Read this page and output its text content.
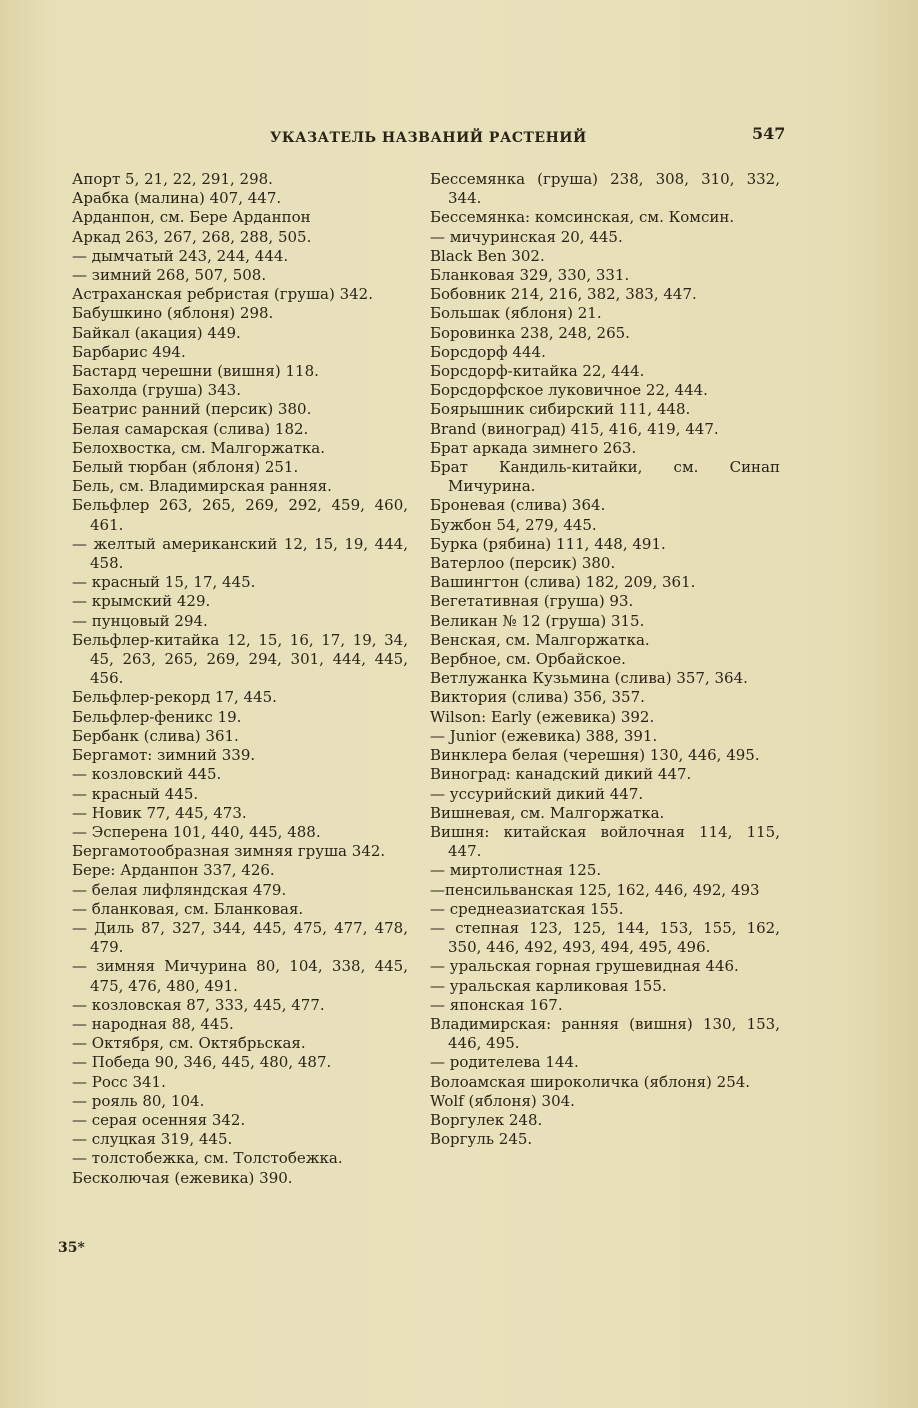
УКАЗАТЕЛЬ НАЗВАНИЙ РАСТЕНИЙ	547
Апорт 5, 21, 22, 291, 298.
Арабка (малина) 407, 447.
Арданпон, см. Бере Арданпон
Аркад 263, 267, 268, 288, 505.
— дымчатый 243, 244, 444.
— зимний 268, 507, 508.
Астраханская ребристая (груша) 342.
Бабушкино (яблоня) 298.
Байкал (акация) 449.
Барбарис 494.
Бастард черешни (вишня) 118.
Бахолда (груша) 343.
Беатрис ранний (персик) 380.
Белая самарская (слива) 182.
Белохвостка, см. Малгоржатка.
Белый тюрбан (яблоня) 251.
Бель, см. Владимирская ранняя.
Бельфлер 263, 265, 269, 292, 459, 460, 461.
— желтый американский 12, 15, 19, 444, 458.
— красный 15, 17, 445.
— крымский 429.
— пунцовый 294.
Бельфлер-китайка 12, 15, 16, 17, 19, 34, 45, 263, 265, 269, 294, 301, 444, 445, 456.
Бельфлер-рекорд 17, 445.
Бельфлер-феникс 19.
Бербанк (слива) 361.
Бергамот: зимний 339.
— козловский 445.
— красный 445.
— Новик 77, 445, 473.
— Эсперена 101, 440, 445, 488.
Бергамотообразная зимняя груша 342.
Бере: Арданпон 337, 426.
— белая лифляндская 479.
— бланковая, см. Бланковая.
— Диль 87, 327, 344, 445, 475, 477, 478, 479.
— зимняя Мичурина 80, 104, 338, 445, 475, 476, 480, 491.
— козловская 87, 333, 445, 477.
— народная 88, 445.
— Октября, см. Октябрьская.
— Победа 90, 346, 445, 480, 487.
— Росс 341.
— рояль 80, 104.
— серая осенняя 342.
— слуцкая 319, 445.
— толстобежка, см. Толстобежка.
Бесколючая (ежевика) 390.
Бессемянка (груша) 238, 308, 310, 332, 344.
Бессемянка: комсинская, см. Комсин.
— мичуринская 20, 445.
Black Ben 302.
Бланковая 329, 330, 331.
Бобовник 214, 216, 382, 383, 447.
Большак (яблоня) 21.
Боровинка 238, 248, 265.
Борсдорф 444.
Борсдорф-китайка 22, 444.
Борсдорфское луковичное 22, 444.
Боярышник сибирский 111, 448.
Brand (виноград) 415, 416, 419, 447.
Брат аркада зимнего 263.
Брат Кандиль-китайки, см. Синап Мичурина.
Броневая (слива) 364.
Бужбон 54, 279, 445.
Бурка (рябина) 111, 448, 491.
Ватерлоо (персик) 380.
Вашингтон (слива) 182, 209, 361.
Вегетативная (груша) 93.
Великан № 12 (груша) 315.
Венская, см. Малгоржатка.
Вербное, см. Орбайское.
Ветлужанка Кузьмина (слива) 357, 364.
Виктория (слива) 356, 357.
Wilson: Early (ежевика) 392.
— Junior (ежевика) 388, 391.
Винклера белая (черешня) 130, 446, 495.
Виноград: канадский дикий 447.
— уссурийский дикий 447.
Вишневая, см. Малгоржатка.
Вишня: китайская войлочная 114, 115, 447.
— миртолистная 125.
—пенсильванская 125, 162, 446, 492, 493
— среднеазиатская 155.
— степная 123, 125, 144, 153, 155, 162, 350, 446, 492, 493, 494, 495, 496.
— уральская горная грушевидная 446.
— уральская карликовая 155.
— японская 167.
Владимирская: ранняя (вишня) 130, 153, 446, 495.
— родителева 144.
Волоамская широколичка (яблоня) 254.
Wolf (яблоня) 304.
Воргулек 248.
Воргуль 245.
35*
